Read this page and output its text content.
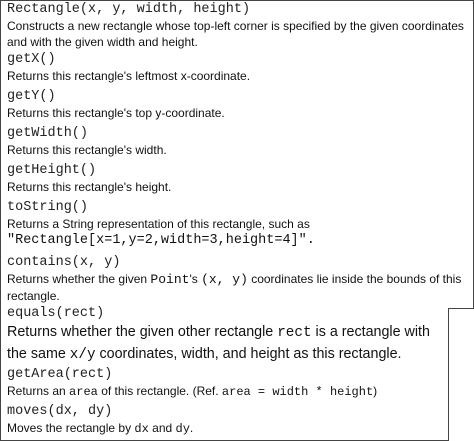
Rectangle(x, y, width, height)
Constructs a new rectangle whose top-left corner is specified by the given coordinates and with the given width and height.
getX()
Returns this rectangle's leftmost x-coordinate.
getY()
Returns this rectangle's top y-coordinate.
getWidth()
Returns this rectangle's width.
getHeight()
Returns this rectangle's height.
toString()
Returns a String representation of this rectangle, such as
"Rectangle[x=1,y=2,width=3,height=4]".
contains(x, y)
Returns whether the given Point's (x, y) coordinates lie inside the bounds of this rectangle.
equals(rect)
Returns whether the given other rectangle rect is a rectangle with the same x/y coordinates, width, and height as this rectangle.
getArea(rect)
Returns an area of this rectangle. (Ref. area = width * height)
moves(dx, dy)
Moves the rectangle by dx and dy.
